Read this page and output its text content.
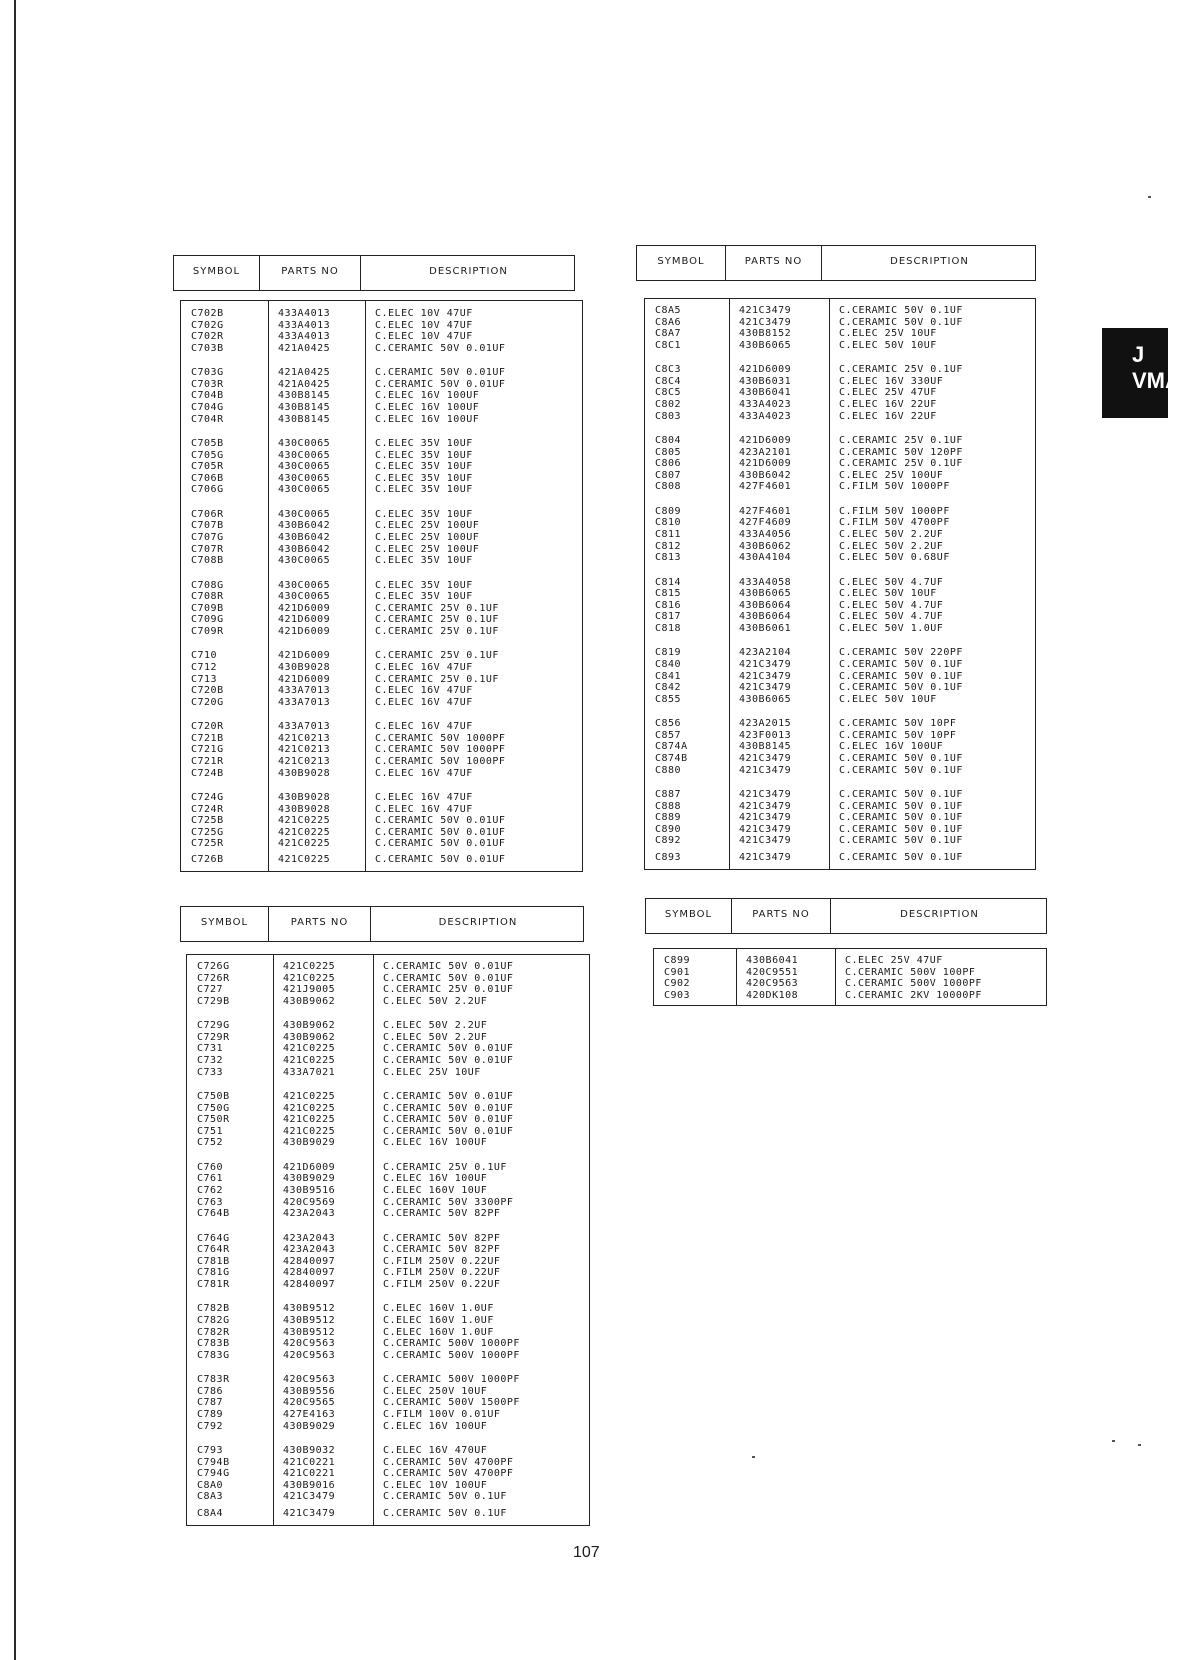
J
VMA
SYMBOL	PARTS NO	DESCRIPTION
C702B	433A4013	C.ELEC 10V 47UF
C702G	433A4013	C.ELEC 10V 47UF
C702R	433A4013	C.ELEC 10V 47UF
C703B	421A0425	C.CERAMIC 50V 0.01UF
C703G	421A0425	C.CERAMIC 50V 0.01UF
C703R	421A0425	C.CERAMIC 50V 0.01UF
C704B	430B8145	C.ELEC 16V 100UF
C704G	430B8145	C.ELEC 16V 100UF
C704R	430B8145	C.ELEC 16V 100UF
C705B	430C0065	C.ELEC 35V 10UF
C705G	430C0065	C.ELEC 35V 10UF
C705R	430C0065	C.ELEC 35V 10UF
C706B	430C0065	C.ELEC 35V 10UF
C706G	430C0065	C.ELEC 35V 10UF
C706R	430C0065	C.ELEC 35V 10UF
C707B	430B6042	C.ELEC 25V 100UF
C707G	430B6042	C.ELEC 25V 100UF
C707R	430B6042	C.ELEC 25V 100UF
C708B	430C0065	C.ELEC 35V 10UF
C708G	430C0065	C.ELEC 35V 10UF
C708R	430C0065	C.ELEC 35V 10UF
C709B	421D6009	C.CERAMIC 25V 0.1UF
C709G	421D6009	C.CERAMIC 25V 0.1UF
C709R	421D6009	C.CERAMIC 25V 0.1UF
C710	421D6009	C.CERAMIC 25V 0.1UF
C712	430B9028	C.ELEC 16V 47UF
C713	421D6009	C.CERAMIC 25V 0.1UF
C720B	433A7013	C.ELEC 16V 47UF
C720G	433A7013	C.ELEC 16V 47UF
C720R	433A7013	C.ELEC 16V 47UF
C721B	421C0213	C.CERAMIC 50V 1000PF
C721G	421C0213	C.CERAMIC 50V 1000PF
C721R	421C0213	C.CERAMIC 50V 1000PF
C724B	430B9028	C.ELEC 16V 47UF
C724G	430B9028	C.ELEC 16V 47UF
C724R	430B9028	C.ELEC 16V 47UF
C725B	421C0225	C.CERAMIC 50V 0.01UF
C725G	421C0225	C.CERAMIC 50V 0.01UF
C725R	421C0225	C.CERAMIC 50V 0.01UF
C726B	421C0225	C.CERAMIC 50V 0.01UF
SYMBOL	PARTS NO	DESCRIPTION
C8A5	421C3479	C.CERAMIC 50V 0.1UF
C8A6	421C3479	C.CERAMIC 50V 0.1UF
C8A7	430B8152	C.ELEC 25V 10UF
C8C1	430B6065	C.ELEC 50V 10UF
C8C3	421D6009	C.CERAMIC 25V 0.1UF
C8C4	430B6031	C.ELEC 16V 330UF
C8C5	430B6041	C.ELEC 25V 47UF
C802	433A4023	C.ELEC 16V 22UF
C803	433A4023	C.ELEC 16V 22UF
C804	421D6009	C.CERAMIC 25V 0.1UF
C805	423A2101	C.CERAMIC 50V 120PF
C806	421D6009	C.CERAMIC 25V 0.1UF
C807	430B6042	C.ELEC 25V 100UF
C808	427F4601	C.FILM 50V 1000PF
C809	427F4601	C.FILM 50V 1000PF
C810	427F4609	C.FILM 50V 4700PF
C811	433A4056	C.ELEC 50V 2.2UF
C812	430B6062	C.ELEC 50V 2.2UF
C813	430A4104	C.ELEC 50V 0.68UF
C814	433A4058	C.ELEC 50V 4.7UF
C815	430B6065	C.ELEC 50V 10UF
C816	430B6064	C.ELEC 50V 4.7UF
C817	430B6064	C.ELEC 50V 4.7UF
C818	430B6061	C.ELEC 50V 1.0UF
C819	423A2104	C.CERAMIC 50V 220PF
C840	421C3479	C.CERAMIC 50V 0.1UF
C841	421C3479	C.CERAMIC 50V 0.1UF
C842	421C3479	C.CERAMIC 50V 0.1UF
C855	430B6065	C.ELEC 50V 10UF
C856	423A2015	C.CERAMIC 50V 10PF
C857	423F0013	C.CERAMIC 50V 10PF
C874A	430B8145	C.ELEC 16V 100UF
C874B	421C3479	C.CERAMIC 50V 0.1UF
C880	421C3479	C.CERAMIC 50V 0.1UF
C887	421C3479	C.CERAMIC 50V 0.1UF
C888	421C3479	C.CERAMIC 50V 0.1UF
C889	421C3479	C.CERAMIC 50V 0.1UF
C890	421C3479	C.CERAMIC 50V 0.1UF
C892	421C3479	C.CERAMIC 50V 0.1UF
C893	421C3479	C.CERAMIC 50V 0.1UF
SYMBOL	PARTS NO	DESCRIPTION
C726G	421C0225	C.CERAMIC 50V 0.01UF
C726R	421C0225	C.CERAMIC 50V 0.01UF
C727	421J9005	C.CERAMIC 25V 0.01UF
C729B	430B9062	C.ELEC 50V 2.2UF
C729G	430B9062	C.ELEC 50V 2.2UF
C729R	430B9062	C.ELEC 50V 2.2UF
C731	421C0225	C.CERAMIC 50V 0.01UF
C732	421C0225	C.CERAMIC 50V 0.01UF
C733	433A7021	C.ELEC 25V 10UF
C750B	421C0225	C.CERAMIC 50V 0.01UF
C750G	421C0225	C.CERAMIC 50V 0.01UF
C750R	421C0225	C.CERAMIC 50V 0.01UF
C751	421C0225	C.CERAMIC 50V 0.01UF
C752	430B9029	C.ELEC 16V 100UF
C760	421D6009	C.CERAMIC 25V 0.1UF
C761	430B9029	C.ELEC 16V 100UF
C762	430B9516	C.ELEC 160V 10UF
C763	420C9569	C.CERAMIC 50V 3300PF
C764B	423A2043	C.CERAMIC 50V 82PF
C764G	423A2043	C.CERAMIC 50V 82PF
C764R	423A2043	C.CERAMIC 50V 82PF
C781B	42840097	C.FILM 250V 0.22UF
C781G	42840097	C.FILM 250V 0.22UF
C781R	42840097	C.FILM 250V 0.22UF
C782B	430B9512	C.ELEC 160V 1.0UF
C782G	430B9512	C.ELEC 160V 1.0UF
C782R	430B9512	C.ELEC 160V 1.0UF
C783B	420C9563	C.CERAMIC 500V 1000PF
C783G	420C9563	C.CERAMIC 500V 1000PF
C783R	420C9563	C.CERAMIC 500V 1000PF
C786	430B9556	C.ELEC 250V 10UF
C787	420C9565	C.CERAMIC 500V 1500PF
C789	427E4163	C.FILM 100V 0.01UF
C792	430B9029	C.ELEC 16V 100UF
C793	430B9032	C.ELEC 16V 470UF
C794B	421C0221	C.CERAMIC 50V 4700PF
C794G	421C0221	C.CERAMIC 50V 4700PF
C8A0	430B9016	C.ELEC 10V 100UF
C8A3	421C3479	C.CERAMIC 50V 0.1UF
C8A4	421C3479	C.CERAMIC 50V 0.1UF
SYMBOL	PARTS NO	DESCRIPTION
C899	430B6041	C.ELEC 25V 47UF
C901	420C9551	C.CERAMIC 500V 100PF
C902	420C9563	C.CERAMIC 500V 1000PF
C903	420DK108	C.CERAMIC 2KV 10000PF
107
